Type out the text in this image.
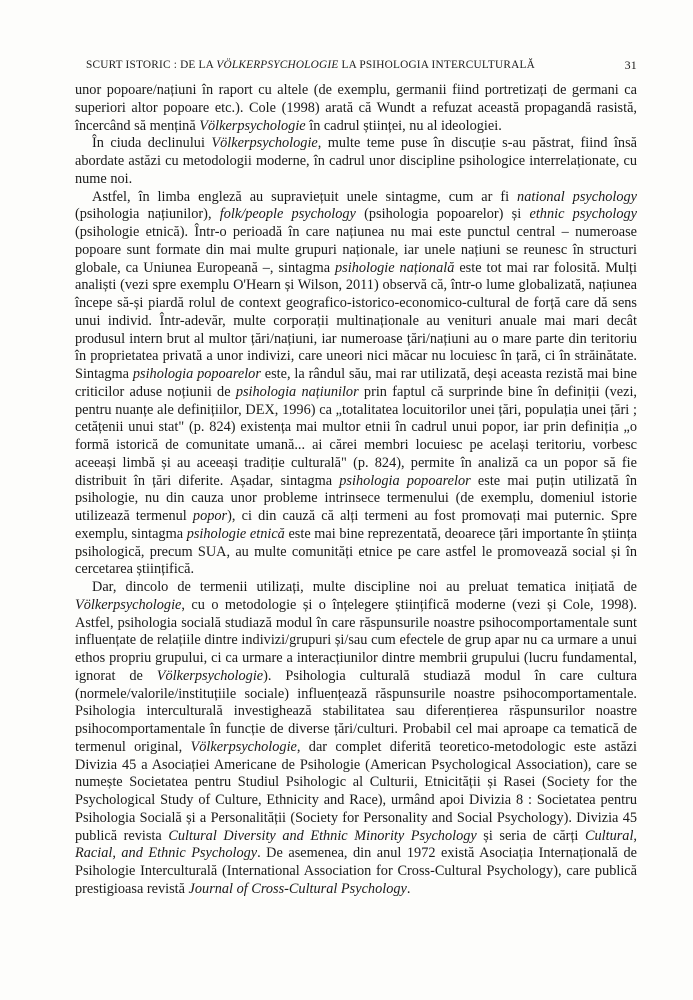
SCURT ISTORIC : DE LA VÖLKERPSYCHOLOGIE LA PSIHOLOGIA INTERCULTURALĂ	31

unor popoare/națiuni în raport cu altele (de exemplu, germanii fiind portretizați de germani ca superiori altor popoare etc.). Cole (1998) arată că Wundt a refuzat această propagandă rasistă, încercând să mențină Völkerpsychologie în cadrul științei, nu al ideologiei.

În ciuda declinului Völkerpsychologie, multe teme puse în discuție s-au păstrat, fiind însă abordate astăzi cu metodologii moderne, în cadrul unor discipline psihologice interrelaționate, cu nume noi.

Astfel, în limba engleză au supraviețuit unele sintagme, cum ar fi national psychology (psihologia națiunilor), folk/people psychology (psihologia popoarelor) și ethnic psychology (psihologie etnică). Într-o perioadă în care națiunea nu mai este punctul central – numeroase popoare sunt formate din mai multe grupuri naționale, iar unele națiuni se reunesc în structuri globale, ca Uniunea Europeană –, sintagma psihologie națională este tot mai rar folosită. Mulți analiști (vezi spre exemplu O'Hearn și Wilson, 2011) observă că, într-o lume globalizată, națiunea începe să-și piardă rolul de context geografico-istorico-economico-cultural de forță care dă sens unui individ. Într-adevăr, multe corporații multinaționale au venituri anuale mai mari decât produsul intern brut al multor țări/națiuni, iar numeroase țări/națiuni au o mare parte din teritoriu în proprietatea privată a unor indivizi, care uneori nici măcar nu locuiesc în țară, ci în străinătate. Sintagma psihologia popoarelor este, la rândul său, mai rar utilizată, deși aceasta rezistă mai bine criticilor aduse noțiunii de psihologia națiunilor prin faptul că surprinde bine în definiții (vezi, pentru nuanțe ale definițiilor, DEX, 1996) ca „totalitatea locuitorilor unei țări, populația unei țări ; cetățenii unui stat" (p. 824) existența mai multor etnii în cadrul unui popor, iar prin definiția „o formă istorică de comunitate umană... ai cărei membri locuiesc pe același teritoriu, vorbesc aceeași limbă și au aceeași tradiție culturală" (p. 824), permite în analiză ca un popor să fie distribuit în țări diferite. Așadar, sintagma psihologia popoarelor este mai puțin utilizată în psihologie, nu din cauza unor probleme intrinsece termenului (de exemplu, domeniul istorie utilizează termenul popor), ci din cauză că alți termeni au fost promovați mai puternic. Spre exemplu, sintagma psihologie etnică este mai bine reprezentată, deoarece țări importante în știința psihologică, precum SUA, au multe comunități etnice pe care astfel le promovează social și în cercetarea științifică.

Dar, dincolo de termenii utilizați, multe discipline noi au preluat tematica inițiată de Völkerpsychologie, cu o metodologie și o înțelegere științifică moderne (vezi și Cole, 1998). Astfel, psihologia socială studiază modul în care răspunsurile noastre psihocomportamentale sunt influențate de relațiile dintre indivizi/grupuri și/sau cum efectele de grup apar nu ca urmare a unui ethos propriu grupului, ci ca urmare a interacțiunilor dintre membrii grupului (lucru fundamental, ignorat de Völkerpsychologie). Psihologia culturală studiază modul în care cultura (normele/valorile/instituțiile sociale) influențează răspunsurile noastre psihocomportamentale. Psihologia interculturală investighează stabilitatea sau diferențierea răspunsurilor noastre psihocomportamentale în funcție de diverse țări/culturi. Probabil cel mai aproape ca tematică de termenul original, Völkerpsychologie, dar complet diferită teoretico-metodologic este astăzi Divizia 45 a Asociației Americane de Psihologie (American Psychological Association), care se numește Societatea pentru Studiul Psihologic al Culturii, Etnicității și Rasei (Society for the Psychological Study of Culture, Ethnicity and Race), urmând apoi Divizia 8 : Societatea pentru Psihologia Socială și a Personalității (Society for Personality and Social Psychology). Divizia 45 publică revista Cultural Diversity and Ethnic Minority Psychology și seria de cărți Cultural, Racial, and Ethnic Psychology. De asemenea, din anul 1972 există Asociația Internațională de Psihologie Interculturală (International Association for Cross-Cultural Psychology), care publică prestigioasa revistă Journal of Cross-Cultural Psychology.
